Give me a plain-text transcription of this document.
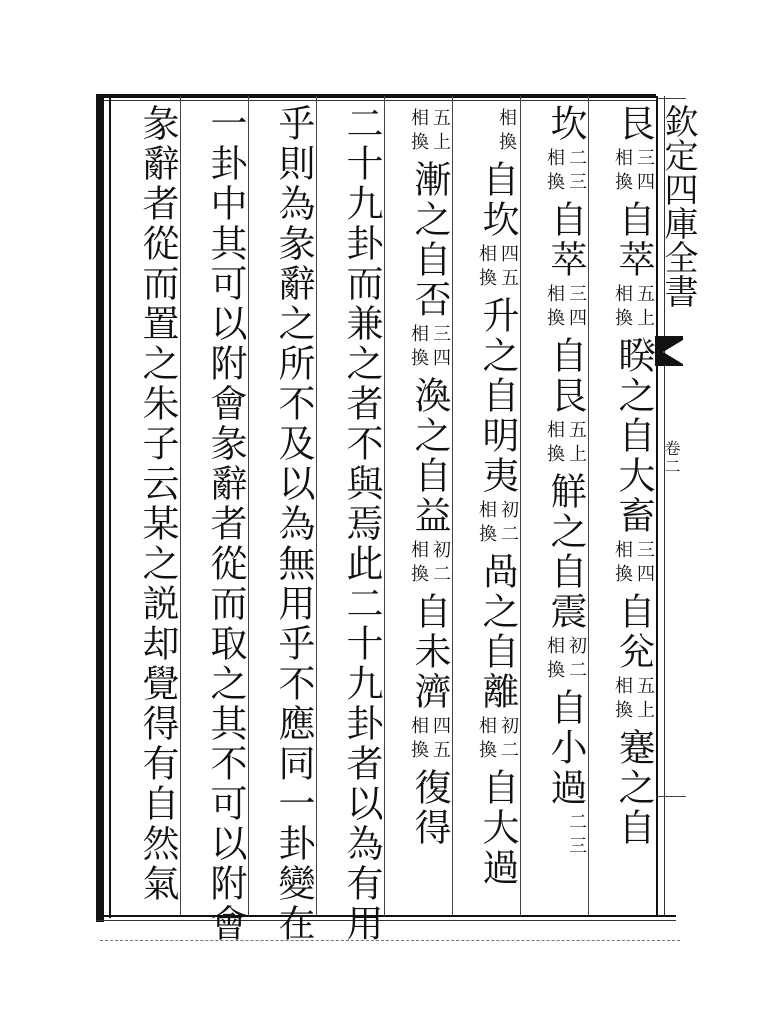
欽定四庫全書
卷二
艮
三四
相換
自萃
五上
相換
睽之自大畜
三四
相換
自兊
五上
相換
蹇之自
坎
二三
相換
自萃
三四
相換
自艮
五上
相換
觧之自震
初二
相換
自小過
二三
相換
自坎
四五
相換
升之自明夷
初二
相換
咼之自離
初二
相換
自大過
五上
相換
漸之自否
三四
相換
渙之自益
初二
相換
自未濟
四五
相換
復得
二十九卦而兼之者不與焉此二十九卦者以為有用
乎則為彖辭之所不及以為無用乎不應同一卦變在
一卦中其可以附會彖辭者從而取之其不可以附會
彖辭者從而置之朱子云某之説却覺得有自然氣
